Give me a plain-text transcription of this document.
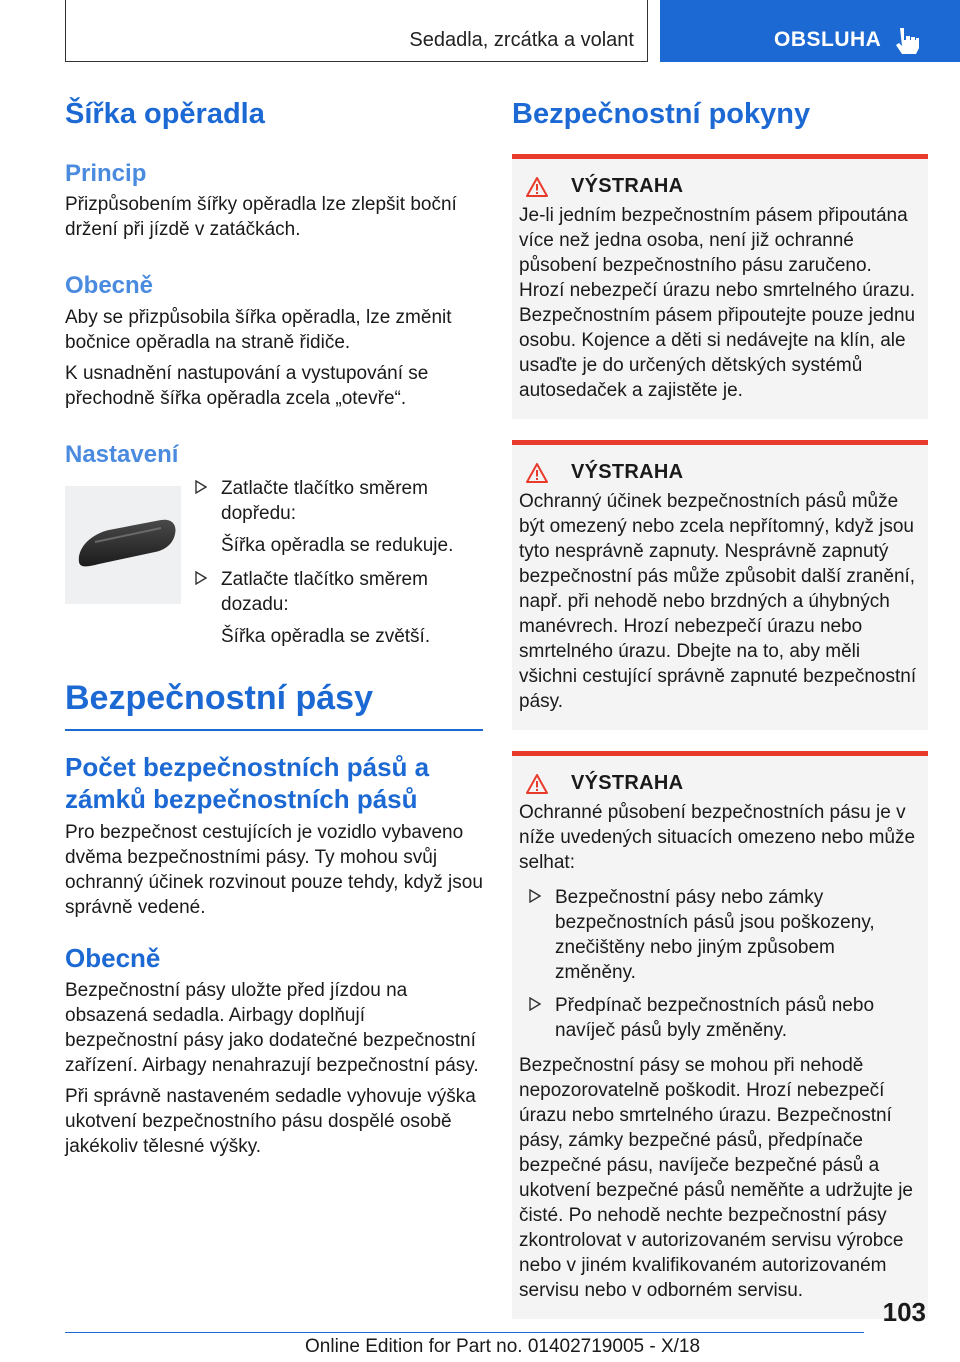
Sedadla, zrcátka a volant	OBSLUHA
Šířka opěradla
Princip

Přizpůsobením šířky opěradla lze zlepšit boční držení při jízdě v zatáčkách.

Obecně

Aby se přizpůsobila šířka opěradla, lze změnit bočnice opěradla na straně řidiče.

K usnadnění nastupování a vystupování se přechodně šířka opěradla zcela „otevře“.

Nastavení

Zatlačte tlačítko směrem dopředu:

Šířka opěradla se redukuje.

Zatlačte tlačítko směrem dozadu:

Šířka opěradla se zvětší.

Bezpečnostní pásy
Počet bezpečnostních pásů a zámků bezpečnostních pásů

Pro bezpečnost cestujících je vozidlo vybaveno dvěma bezpečnostními pásy. Ty mohou svůj ochranný účinek rozvinout pouze tehdy, když jsou správně vedené.

Obecně

Bezpečnostní pásy uložte před jízdou na obsazená sedadla. Airbagy doplňují bezpečnostní pásy jako dodatečné bezpečnostní zařízení. Airbagy nenahrazují bezpečnostní pásy.

Při správně nastaveném sedadle vyhovuje výška ukotvení bezpečnostního pásu dospělé osobě jakékoliv tělesné výšky.

Bezpečnostní pokyny
VÝSTRAHA

Je-li jedním bezpečnostním pásem připoutána více než jedna osoba, není již ochranné působení bezpečnostního pásu zaručeno. Hrozí nebezpečí úrazu nebo smrtelného úrazu. Bezpečnostním pásem připoutejte pouze jednu osobu. Kojence a děti si nedávejte na klín, ale usaďte je do určených dětských systémů autosedaček a zajistěte je.

VÝSTRAHA

Ochranný účinek bezpečnostních pásů může být omezený nebo zcela nepřítomný, když jsou tyto nesprávně zapnuty. Nesprávně zapnutý bezpečnostní pás může způsobit další zranění, např. při nehodě nebo brzdných a úhybných manévrech. Hrozí nebezpečí úrazu nebo smrtelného úrazu. Dbejte na to, aby měli všichni cestující správně zapnuté bezpečnostní pásy.

VÝSTRAHA

Ochranné působení bezpečnostních pásu je v níže uvedených situacích omezeno nebo může selhat:

Bezpečnostní pásy nebo zámky bezpečnostních pásů jsou poškozeny, znečištěny nebo jiným způsobem změněny.

Předpínač bezpečnostních pásů nebo navíječ pásů byly změněny.

Bezpečnostní pásy se mohou při nehodě nepozorovatelně poškodit. Hrozí nebezpečí úrazu nebo smrtelného úrazu. Bezpečnostní pásy, zámky bezpečné pásů, předpínače bezpečné pásu, navíječe bezpečné pásů a ukotvení bezpečné pásů neměňte a udržujte je čisté. Po nehodě nechte bezpečnostní pásy zkontrolovat v autorizovaném servisu výrobce nebo v jiném kvalifikovaném autorizovaném servisu nebo v odborném servisu.

103
Online Edition for Part no. 01402719005 - X/18
